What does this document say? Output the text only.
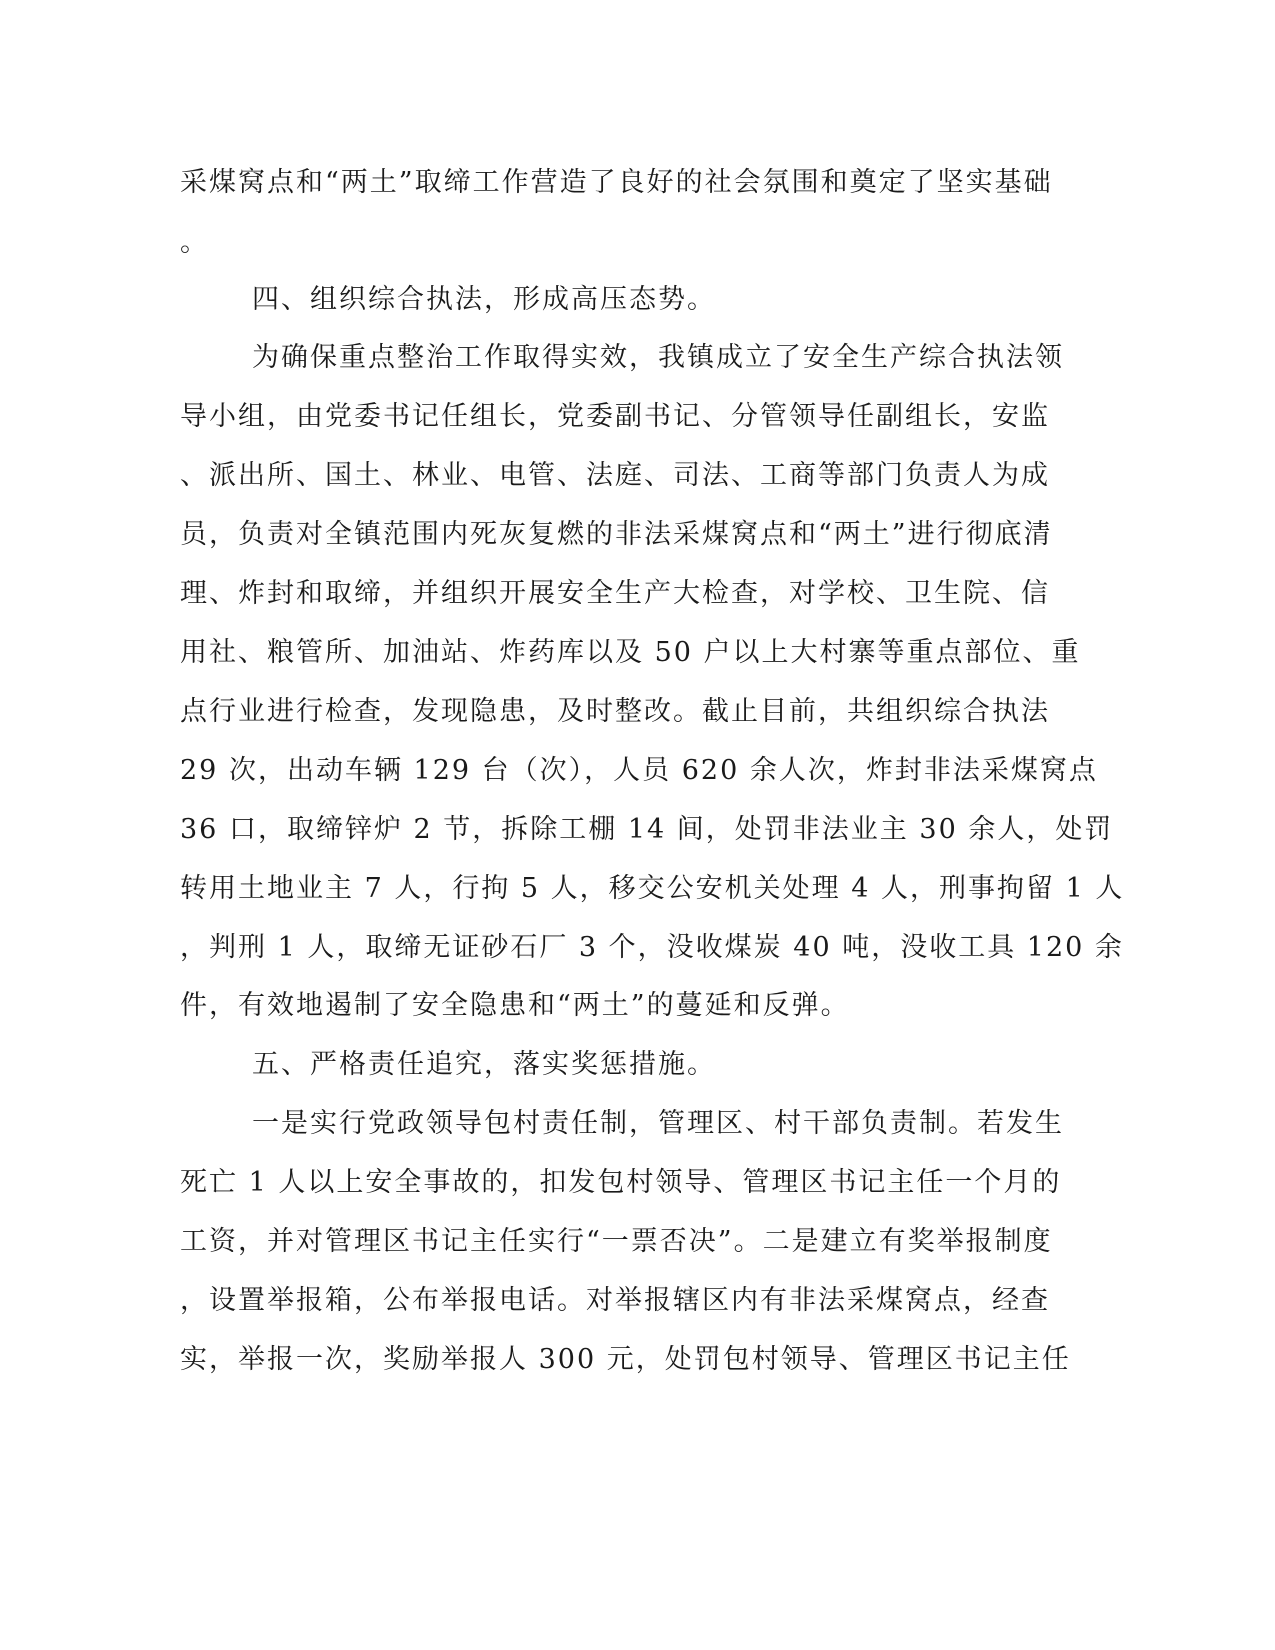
采煤窝点和“两土”取缔工作营造了良好的社会氛围和奠定了坚实基础
。
四、组织综合执法，形成高压态势。
为确保重点整治工作取得实效，我镇成立了安全生产综合执法领
导小组，由党委书记任组长，党委副书记、分管领导任副组长，安监
、派出所、国土、林业、电管、法庭、司法、工商等部门负责人为成
员，负责对全镇范围内死灰复燃的非法采煤窝点和“两土”进行彻底清
理、炸封和取缔，并组织开展安全生产大检查，对学校、卫生院、信
用社、粮管所、加油站、炸药库以及 50 户以上大村寨等重点部位、重
点行业进行检查，发现隐患，及时整改。截止目前，共组织综合执法
29 次，出动车辆 129 台（次），人员 620 余人次，炸封非法采煤窝点
36 口，取缔锌炉 2 节，拆除工棚 14 间，处罚非法业主 30 余人，处罚
转用土地业主 7 人，行拘 5 人，移交公安机关处理 4 人，刑事拘留 1 人
，判刑 1 人，取缔无证砂石厂 3 个，没收煤炭 40 吨，没收工具 120 余
件，有效地遏制了安全隐患和“两土”的蔓延和反弹。
五、严格责任追究，落实奖惩措施。
一是实行党政领导包村责任制，管理区、村干部负责制。若发生
死亡 1 人以上安全事故的，扣发包村领导、管理区书记主任一个月的
工资，并对管理区书记主任实行“一票否决”。二是建立有奖举报制度
，设置举报箱，公布举报电话。对举报辖区内有非法采煤窝点，经查
实，举报一次，奖励举报人 300 元，处罚包村领导、管理区书记主任
